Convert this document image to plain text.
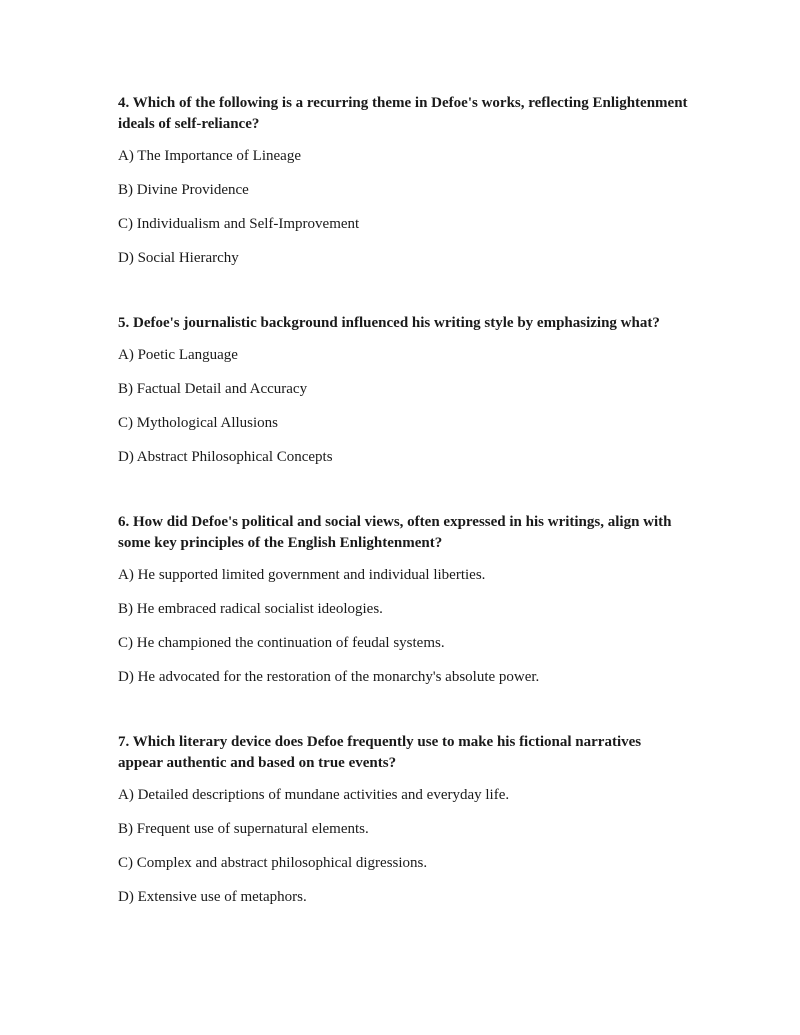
4. Which of the following is a recurring theme in Defoe's works, reflecting Enlightenment ideals of self-reliance?

A) The Importance of Lineage

B) Divine Providence

C) Individualism and Self-Improvement

D) Social Hierarchy

5. Defoe's journalistic background influenced his writing style by emphasizing what?

A) Poetic Language

B) Factual Detail and Accuracy

C) Mythological Allusions

D) Abstract Philosophical Concepts

6. How did Defoe's political and social views, often expressed in his writings, align with some key principles of the English Enlightenment?

A) He supported limited government and individual liberties.

B) He embraced radical socialist ideologies.

C) He championed the continuation of feudal systems.

D) He advocated for the restoration of the monarchy's absolute power.

7. Which literary device does Defoe frequently use to make his fictional narratives appear authentic and based on true events?

A) Detailed descriptions of mundane activities and everyday life.

B) Frequent use of supernatural elements.

C) Complex and abstract philosophical digressions.

D) Extensive use of metaphors.
